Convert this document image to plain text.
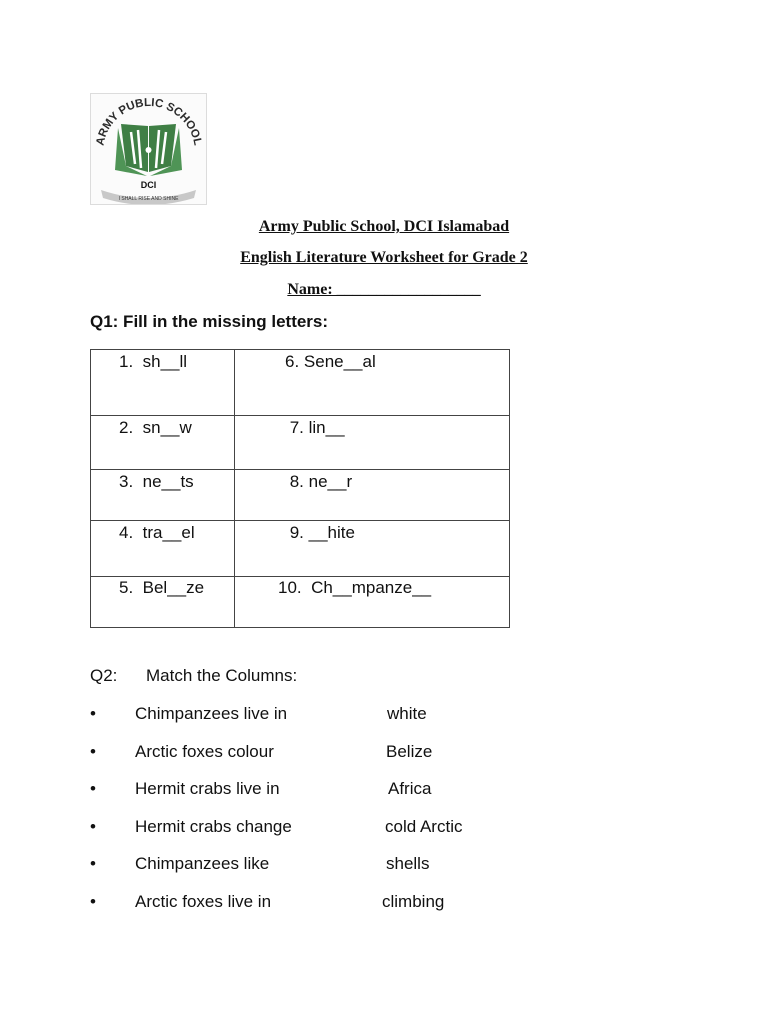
ARMY PUBLIC SCHOOL
DCI
I SHALL RISE AND SHINE
Army Public School, DCI Islamabad
English Literature Worksheet for Grade 2
Name: __________________
Q1: Fill in the missing letters:
1.  sh__ll	6. Sene__al
2.  sn__w	7. lin__
3.  ne__ts	8. ne__r
4.  tra__el	9. __hite
5.  Bel__ze	10.  Ch__mpanze__
Q2: Match the Columns:
• Chimpanzees live in	white
• Arctic foxes colour	Belize
• Hermit crabs live in	Africa
• Hermit crabs change	cold Arctic
• Chimpanzees like	shells
• Arctic foxes live in	climbing
